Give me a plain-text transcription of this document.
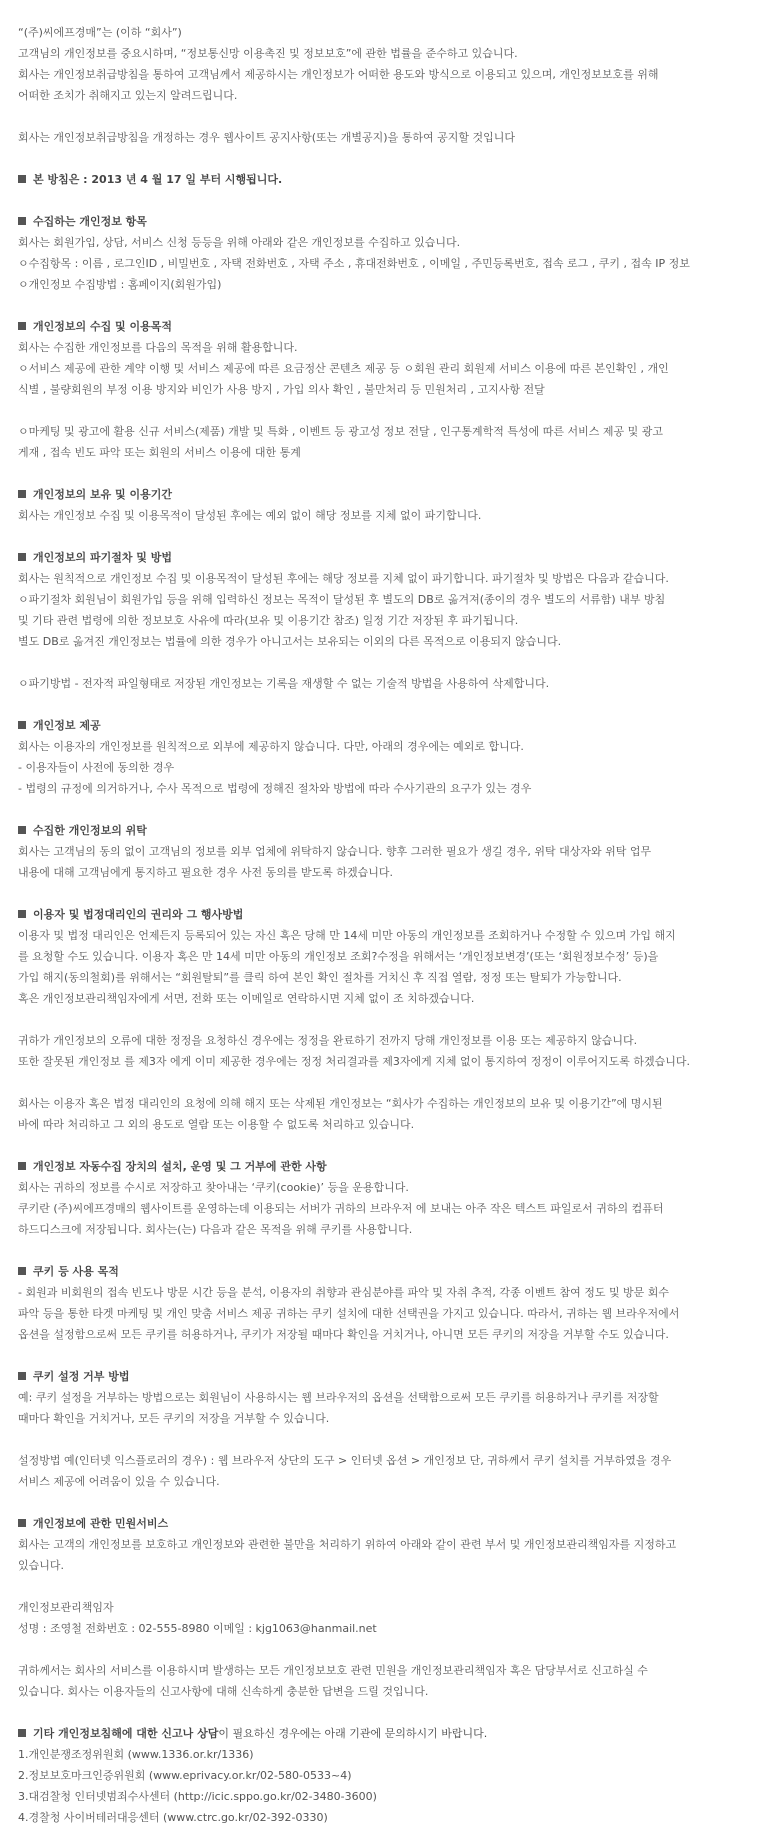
“(주)씨에프경매”는 (이하 “회사”)
고객님의 개인정보를 중요시하며, “정보통신망 이용촉진 및 정보보호”에 관한 법률을 준수하고 있습니다.
회사는 개인정보취급방침을 통하여 고객님께서 제공하시는 개인정보가 어떠한 용도와 방식으로 이용되고 있으며, 개인정보보호를 위해
어떠한 조치가 취해지고 있는지 알려드립니다.
회사는 개인정보취급방침을 개정하는 경우 웹사이트 공지사항(또는 개별공지)을 통하여 공지할 것입니다
본 방침은 : 2013 년 4 월 17 일 부터 시행됩니다.
수집하는 개인정보 항목
회사는 회원가입, 상담, 서비스 신청 등등을 위해 아래와 같은 개인정보를 수집하고 있습니다.
ㅇ수집항목 : 이름 , 로그인ID , 비밀번호 , 자택 전화번호 , 자택 주소 , 휴대전화번호 , 이메일 , 주민등록번호, 접속 로그 , 쿠키 , 접속 IP 정보
ㅇ개인정보 수집방법 : 홈페이지(회원가입)
개인정보의 수집 및 이용목적
회사는 수집한 개인정보를 다음의 목적을 위해 활용합니다.
ㅇ서비스 제공에 관한 계약 이행 및 서비스 제공에 따른 요금정산 콘텐츠 제공 등 ㅇ회원 관리 회원제 서비스 이용에 따른 본인확인 , 개인
식별 , 불량회원의 부정 이용 방지와 비인가 사용 방지 , 가입 의사 확인 , 불만처리 등 민원처리 , 고지사항 전달
ㅇ마케팅 및 광고에 활용 신규 서비스(제품) 개발 및 특화 , 이벤트 등 광고성 정보 전달 , 인구통계학적 특성에 따른 서비스 제공 및 광고
게재 , 접속 빈도 파악 또는 회원의 서비스 이용에 대한 통계
개인정보의 보유 및 이용기간
회사는 개인정보 수집 및 이용목적이 달성된 후에는 예외 없이 해당 정보를 지체 없이 파기합니다.
개인정보의 파기절차 및 방법
회사는 원칙적으로 개인정보 수집 및 이용목적이 달성된 후에는 해당 정보를 지체 없이 파기합니다. 파기절차 및 방법은 다음과 같습니다.
ㅇ파기절차 회원님이 회원가입 등을 위해 입력하신 정보는 목적이 달성된 후 별도의 DB로 옮겨져(종이의 경우 별도의 서류함) 내부 방침
및 기타 관련 법령에 의한 정보보호 사유에 따라(보유 및 이용기간 참조) 일정 기간 저장된 후 파기됩니다.
별도 DB로 옮겨진 개인정보는 법률에 의한 경우가 아니고서는 보유되는 이외의 다른 목적으로 이용되지 않습니다.
ㅇ파기방법 - 전자적 파일형태로 저장된 개인정보는 기록을 재생할 수 없는 기술적 방법을 사용하여 삭제합니다.
개인정보 제공
회사는 이용자의 개인정보를 원칙적으로 외부에 제공하지 않습니다. 다만, 아래의 경우에는 예외로 합니다.
- 이용자들이 사전에 동의한 경우
- 법령의 규정에 의거하거나, 수사 목적으로 법령에 정해진 절차와 방법에 따라 수사기관의 요구가 있는 경우
수집한 개인정보의 위탁
회사는 고객님의 동의 없이 고객님의 정보를 외부 업체에 위탁하지 않습니다. 향후 그러한 필요가 생길 경우, 위탁 대상자와 위탁 업무
내용에 대해 고객님에게 통지하고 필요한 경우 사전 동의를 받도록 하겠습니다.
이용자 및 법정대리인의 권리와 그 행사방법
이용자 및 법정 대리인은 언제든지 등록되어 있는 자신 혹은 당해 만 14세 미만 아동의 개인정보를 조회하거나 수정할 수 있으며 가입 해지
를 요청할 수도 있습니다. 이용자 혹은 만 14세 미만 아동의 개인정보 조회?수정을 위해서는 ‘개인정보변경’(또는 ‘회원정보수정’ 등)을
가입 해지(동의철회)를 위해서는 “회원탈퇴”를 클릭 하여 본인 확인 절차를 거치신 후 직접 열람, 정정 또는 탈퇴가 가능합니다.
혹은 개인정보관리책임자에게 서면, 전화 또는 이메일로 연락하시면 지체 없이 조 치하겠습니다.
귀하가 개인정보의 오류에 대한 정정을 요청하신 경우에는 정정을 완료하기 전까지 당해 개인정보를 이용 또는 제공하지 않습니다.
또한 잘못된 개인정보 를 제3자 에게 이미 제공한 경우에는 정정 처리결과를 제3자에게 지체 없이 통지하여 정정이 이루어지도록 하겠습니다.
회사는 이용자 혹은 법정 대리인의 요청에 의해 해지 또는 삭제된 개인정보는 “회사가 수집하는 개인정보의 보유 및 이용기간”에 명시된
바에 따라 처리하고 그 외의 용도로 열람 또는 이용할 수 없도록 처리하고 있습니다.
개인정보 자동수집 장치의 설치, 운영 및 그 거부에 관한 사항
회사는 귀하의 정보를 수시로 저장하고 찾아내는 ‘쿠키(cookie)’ 등을 운용합니다.
쿠키란 (주)씨에프경매의 웹사이트를 운영하는데 이용되는 서버가 귀하의 브라우저 에 보내는 아주 작은 텍스트 파일로서 귀하의 컴퓨터
하드디스크에 저장됩니다. 회사는(는) 다음과 같은 목적을 위해 쿠키를 사용합니다.
쿠키 등 사용 목적
- 회원과 비회원의 접속 빈도나 방문 시간 등을 분석, 이용자의 취향과 관심분야를 파악 및 자취 추적, 각종 이벤트 참여 정도 및 방문 회수
파악 등을 통한 타겟 마케팅 및 개인 맞춤 서비스 제공 귀하는 쿠키 설치에 대한 선택권을 가지고 있습니다. 따라서, 귀하는 웹 브라우저에서
옵션을 설정함으로써 모든 쿠키를 허용하거나, 쿠키가 저장될 때마다 확인을 거치거나, 아니면 모든 쿠키의 저장을 거부할 수도 있습니다.
쿠키 설정 거부 방법
예: 쿠키 설정을 거부하는 방법으로는 회원님이 사용하시는 웹 브라우저의 옵션을 선택함으로써 모든 쿠키를 허용하거나 쿠키를 저장할
때마다 확인을 거치거나, 모든 쿠키의 저장을 거부할 수 있습니다.
설정방법 예(인터넷 익스플로러의 경우) : 웹 브라우저 상단의 도구 > 인터넷 옵션 > 개인정보 단, 귀하께서 쿠키 설치를 거부하였을 경우
서비스 제공에 어려움이 있을 수 있습니다.
개인정보에 관한 민원서비스
회사는 고객의 개인정보를 보호하고 개인정보와 관련한 불만을 처리하기 위하여 아래와 같이 관련 부서 및 개인정보관리책임자를 지정하고
있습니다.
개인정보관리책임자
성명 : 조영철 전화번호 : 02-555-8980 이메일 : kjg1063@hanmail.net
귀하께서는 회사의 서비스를 이용하시며 발생하는 모든 개인정보보호 관련 민원을 개인정보관리책임자 혹은 담당부서로 신고하실 수
있습니다. 회사는 이용자들의 신고사항에 대해 신속하게 충분한 답변을 드릴 것입니다.
기타 개인정보침해에 대한 신고나 상담이 필요하신 경우에는 아래 기관에 문의하시기 바랍니다.
1.개인분쟁조정위원회 (www.1336.or.kr/1336)
2.정보보호마크인증위원회 (www.eprivacy.or.kr/02-580-0533~4)
3.대검찰청 인터넷범죄수사센터 (http://icic.sppo.go.kr/02-3480-3600)
4.경찰청 사이버테러대응센터 (www.ctrc.go.kr/02-392-0330)
